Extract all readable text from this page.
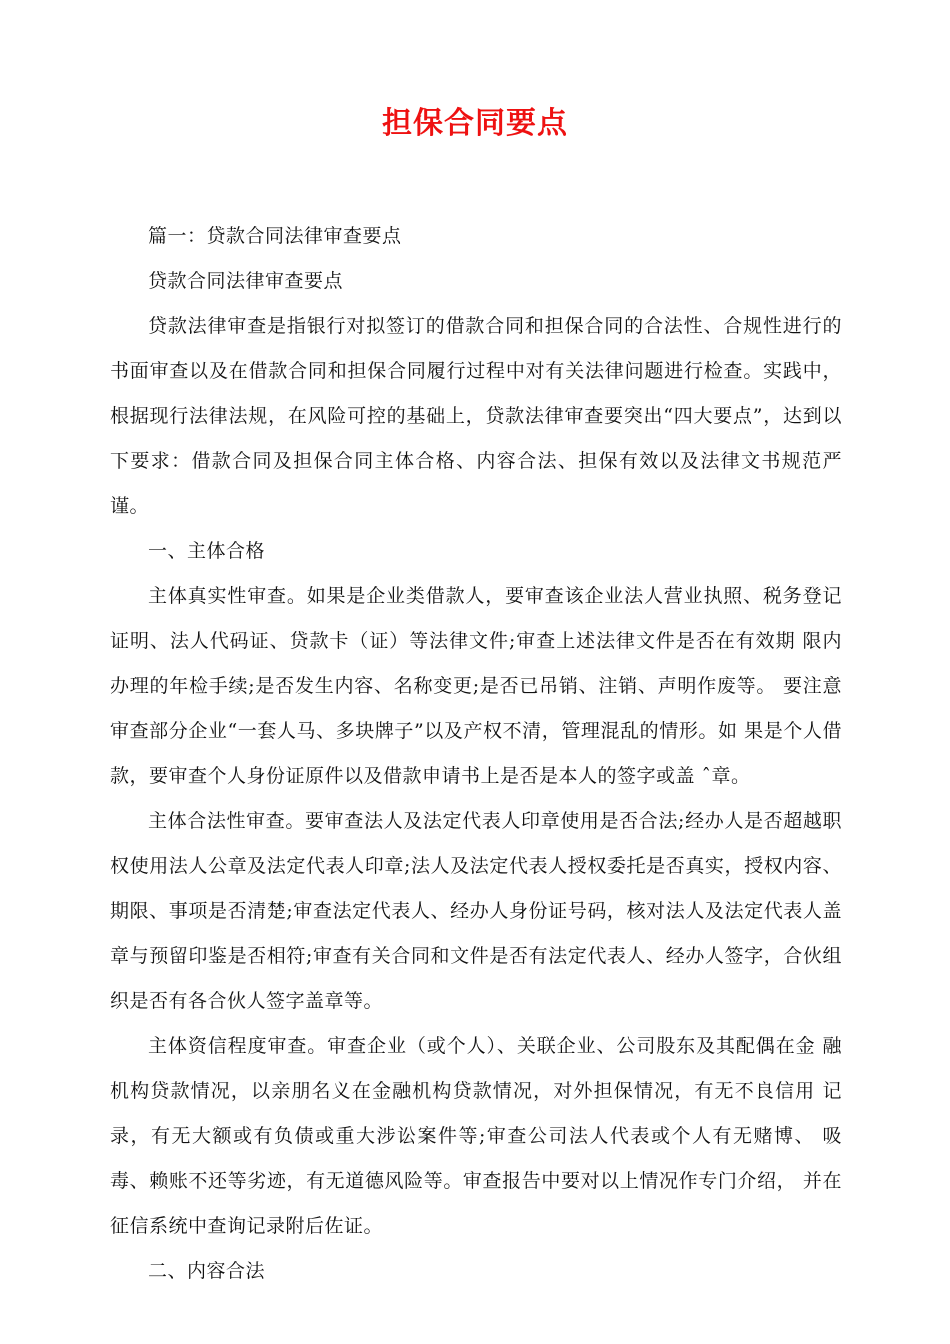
担保合同要点

篇一：贷款合同法律审查要点

贷款合同法律审查要点

贷款法律审查是指银行对拟签订的借款合同和担保合同的合法性、合规性进行的书面审查以及在借款合同和担保合同履行过程中对有关法律问题进行检查。实践中，根据现行法律法规，在风险可控的基础上，贷款法律审查要突出“四大要点”，达到以下要求：借款合同及担保合同主体合格、内容合法、担保有效以及法律文书规范严谨。

一、主体合格

主体真实性审查。如果是企业类借款人，要审查该企业法人营业执照、税务登记证明、法人代码证、贷款卡（证）等法律文件;审查上述法律文件是否在有效期 限内办理的年检手续;是否发生内容、名称变更;是否已吊销、注销、声明作废等。 要注意审查部分企业“一套人马、多块牌子”以及产权不清，管理混乱的情形。如 果是个人借款，要审查个人身份证原件以及借款申请书上是否是本人的签字或盖 ˆ章。

主体合法性审查。要审查法人及法定代表人印章使用是否合法;经办人是否超越职权使用法人公章及法定代表人印章;法人及法定代表人授权委托是否真实，授权内容、期限、事项是否清楚;审查法定代表人、经办人身份证号码，核对法人及法定代表人盖章与预留印鉴是否相符;审查有关合同和文件是否有法定代表人、经办人签字，合伙组织是否有各合伙人签字盖章等。

主体资信程度审查。审查企业（或个人）、关联企业、公司股东及其配偶在金 融机构贷款情况，以亲朋名义在金融机构贷款情况，对外担保情况，有无不良信用 记录，有无大额或有负债或重大涉讼案件等;审查公司法人代表或个人有无赌博、 吸毒、赖账不还等劣迹，有无道德风险等。审查报告中要对以上情况作专门介绍， 并在征信系统中查询记录附后佐证。

二、内容合法
